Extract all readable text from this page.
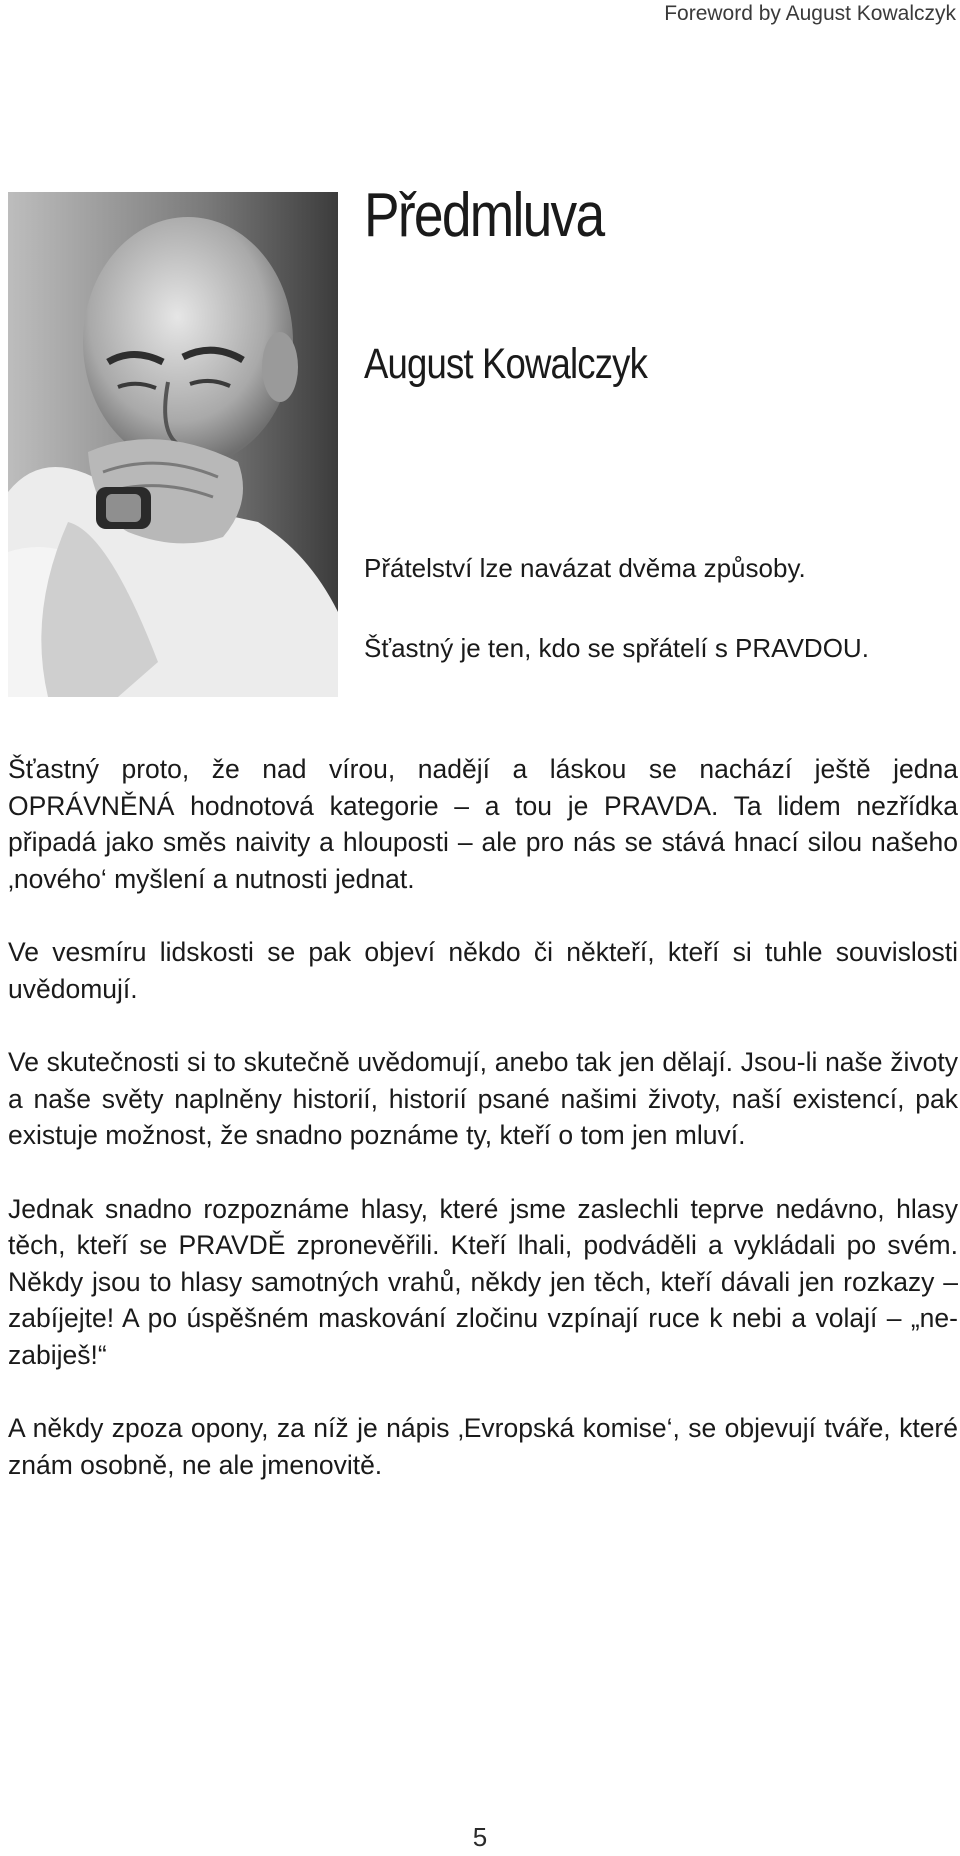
Foreword by August Kowalczyk
Předmluva
August Kowalczyk

Přátelství lze navázat dvěma způsoby.

Šťastný je ten, kdo se spřátelí s PRAVDOU.

Šťastný proto, že nad vírou, nadějí a láskou se nachází ještě jedna OPRÁVNĚNÁ hodnotová kategorie – a tou je PRAVDA. Ta lidem nezřídka připadá jako směs naivity a hlouposti – ale pro nás se stává hnací silou našeho ‚nového‘ myšlení a nutnosti jednat.

Ve vesmíru lidskosti se pak objeví někdo či někteří, kteří si tuhle souvislosti uvědomují.

Ve skutečnosti si to skutečně uvědomují, anebo tak jen dělají. Jsou-li naše životy a naše světy naplněny historií, historií psané našimi životy, naší existencí, pak existuje možnost, že snadno poznáme ty, kteří o tom jen mluví.

Jednak snadno rozpoznáme hlasy, které jsme zaslechli teprve nedávno, hlasy těch, kteří se PRAVDĚ zpronevěřili. Kteří lhali, podváděli a vykládali po svém. Někdy jsou to hlasy samotných vrahů, někdy jen těch, kteří dávali jen rozkazy – zabíjejte! A po úspěšném maskování zločinu vzpínají ruce k nebi a volají – „nezabiješ!“

A někdy zpoza opony, za níž je nápis ‚Evropská komise‘, se objevují tváře, které znám osobně, ne ale jmenovitě.

5
